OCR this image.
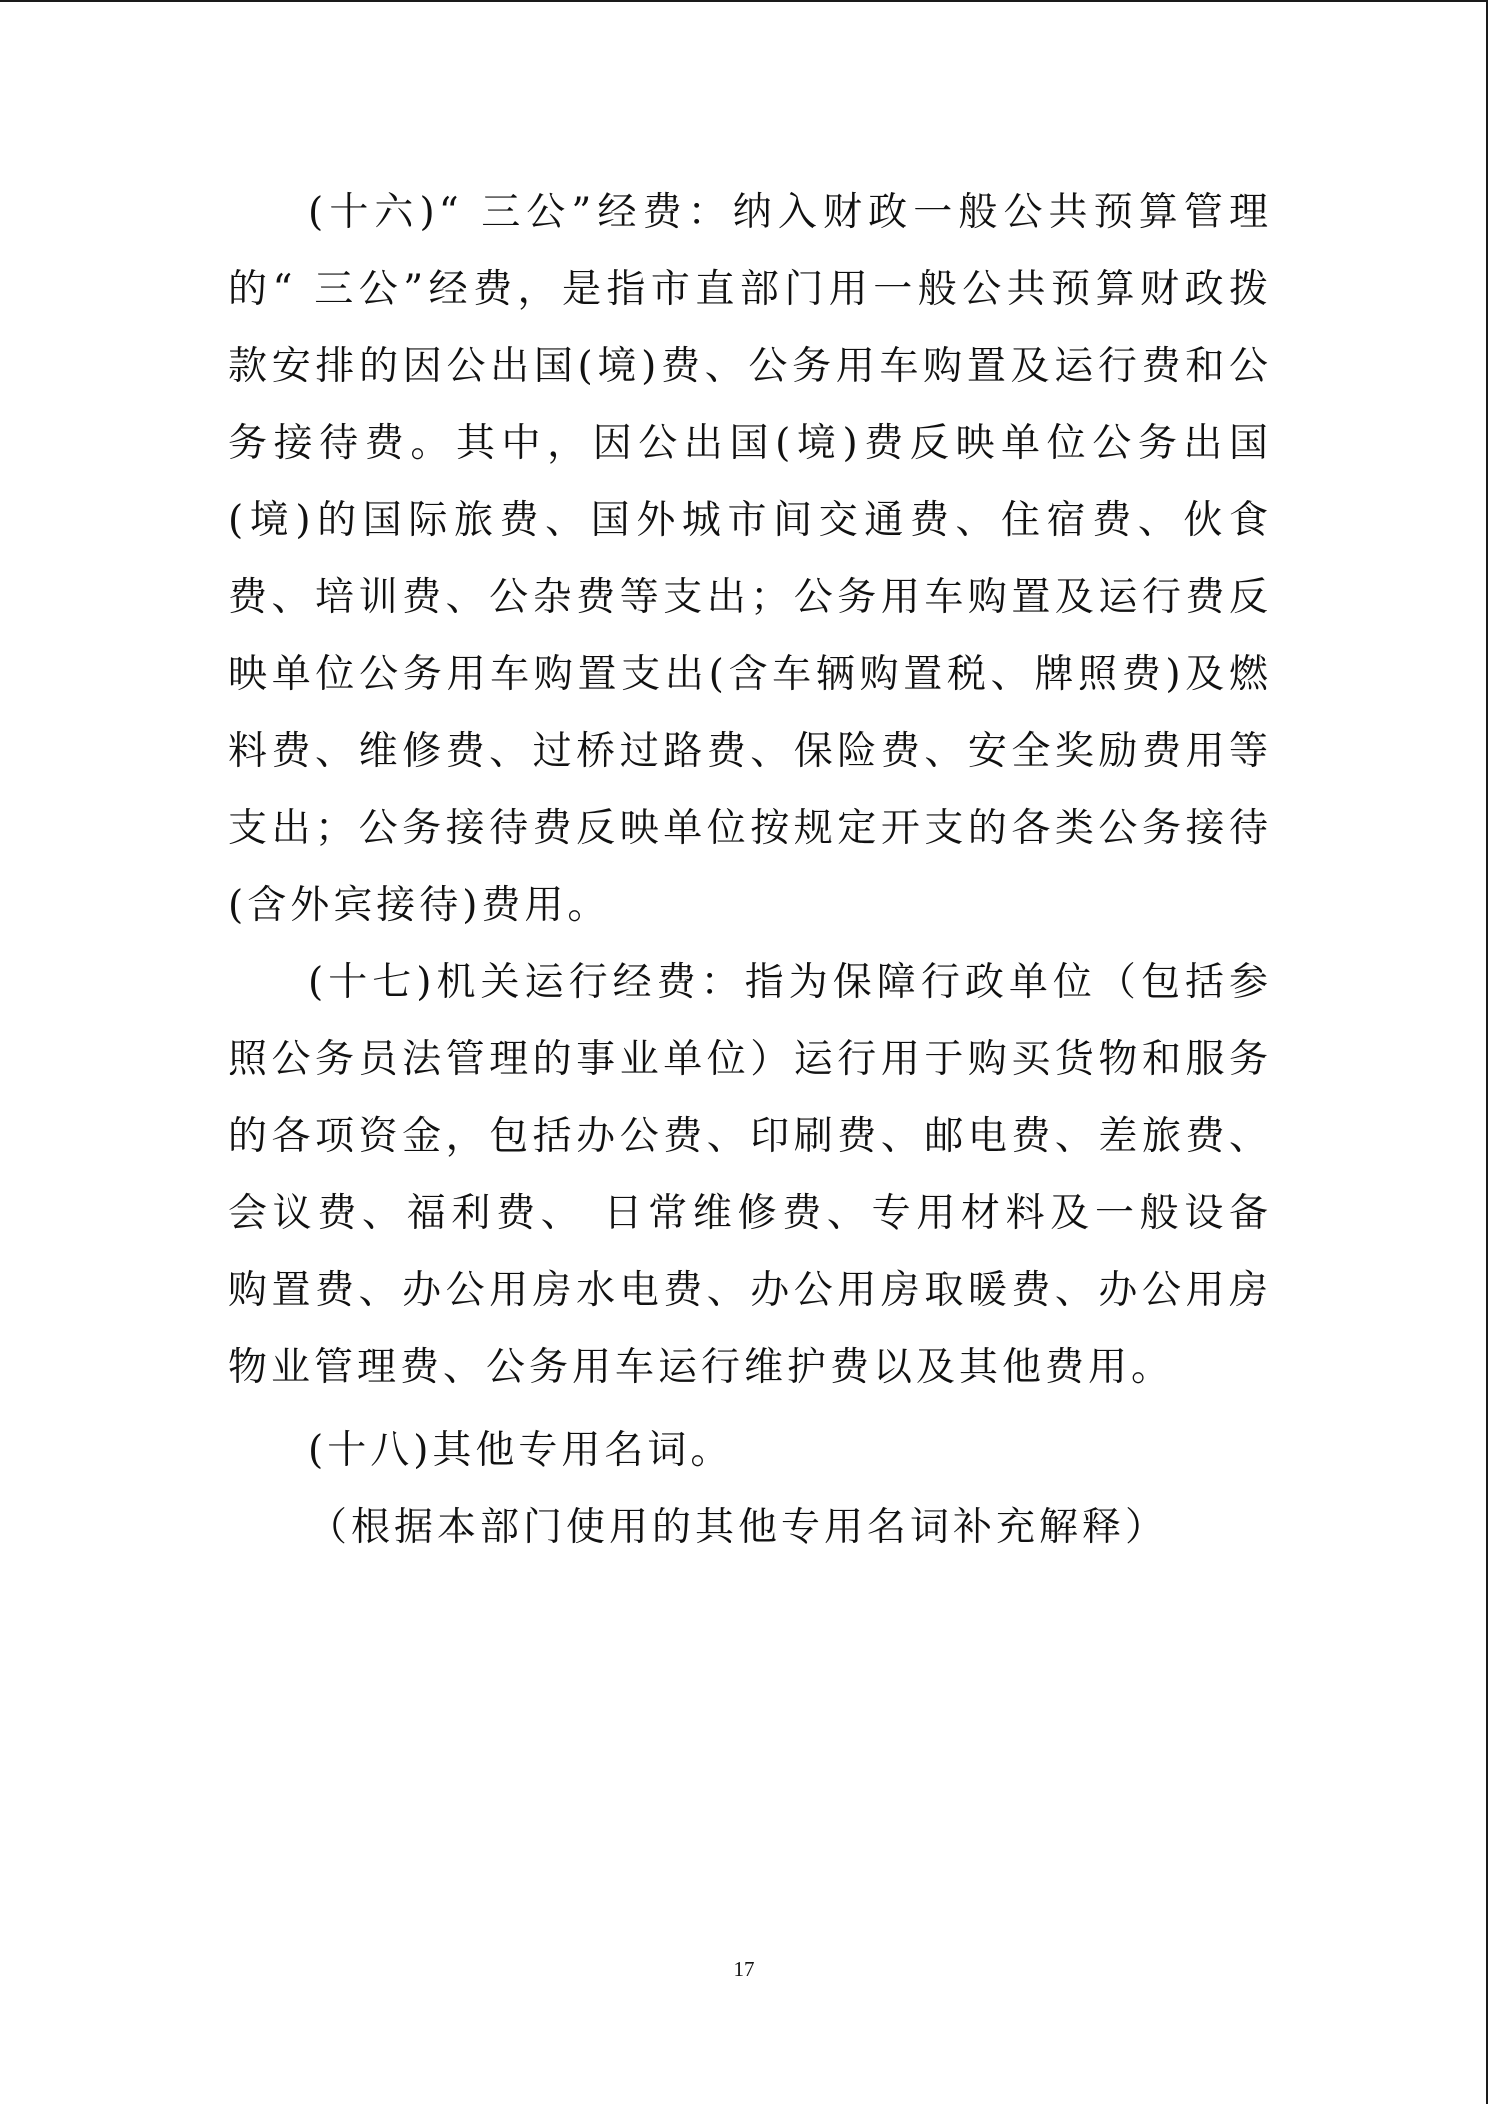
(十六)“ 三公”经费：纳入财政一般公共预算管理的“ 三公”经费，是指市直部门用一般公共预算财政拨款安排的因公出国(境)费、公务用车购置及运行费和公务接待费。其中，因公出国(境)费反映单位公务出国(境)的国际旅费、国外城市间交通费、住宿费、伙食费、培训费、公杂费等支出；公务用车购置及运行费反映单位公务用车购置支出(含车辆购置税、牌照费)及燃料费、维修费、过桥过路费、保险费、安全奖励费用等支出；公务接待费反映单位按规定开支的各类公务接待(含外宾接待)费用。

(十七)机关运行经费：指为保障行政单位（包括参照公务员法管理的事业单位）运行用于购买货物和服务的各项资金，包括办公费、印刷费、邮电费、差旅费、会议费、福利费、 日常维修费、专用材料及一般设备购置费、办公用房水电费、办公用房取暖费、办公用房物业管理费、公务用车运行维护费以及其他费用。

(十八)其他专用名词。

（根据本部门使用的其他专用名词补充解释）

17
